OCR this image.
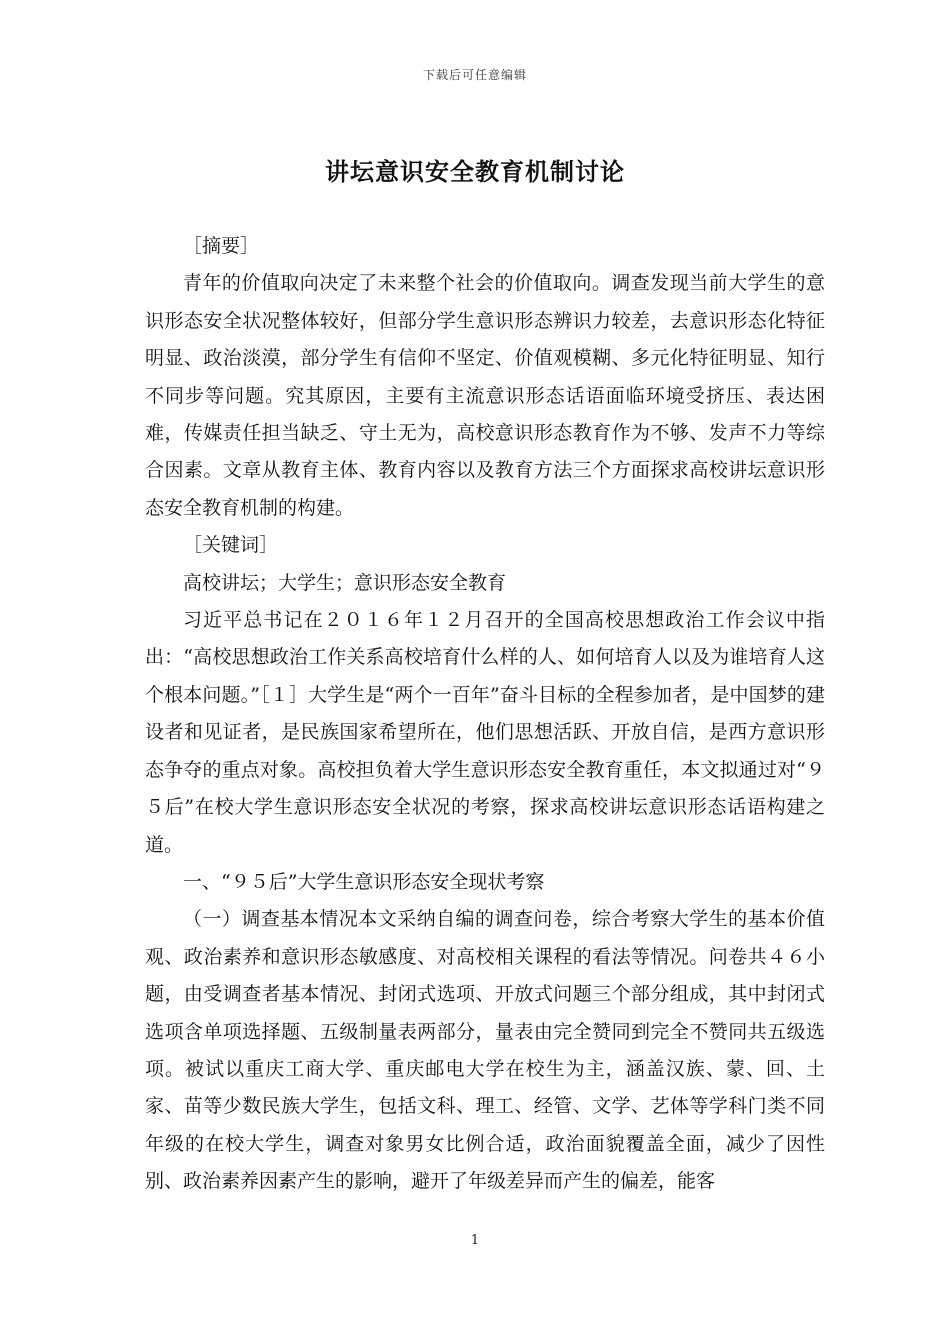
下载后可任意编辑
讲坛意识安全教育机制讨论

［摘要］

青年的价值取向决定了未来整个社会的价值取向。调查发现当前大学生的意识形态安全状况整体较好，但部分学生意识形态辨识力较差，去意识形态化特征明显、政治淡漠，部分学生有信仰不坚定、价值观模糊、多元化特征明显、知行不同步等问题。究其原因，主要有主流意识形态话语面临环境受挤压、表达困难，传媒责任担当缺乏、守土无为，高校意识形态教育作为不够、发声不力等综合因素。文章从教育主体、教育内容以及教育方法三个方面探求高校讲坛意识形态安全教育机制的构建。

［关键词］

高校讲坛；大学生；意识形态安全教育

习近平总书记在２０１６年１２月召开的全国高校思想政治工作会议中指出：“高校思想政治工作关系高校培育什么样的人、如何培育人以及为谁培育人这个根本问题。”［１］大学生是“两个一百年”奋斗目标的全程参加者，是中国梦的建设者和见证者，是民族国家希望所在，他们思想活跃、开放自信，是西方意识形态争夺的重点对象。高校担负着大学生意识形态安全教育重任，本文拟通过对“９５后”在校大学生意识形态安全状况的考察，探求高校讲坛意识形态话语构建之道。

一、“９５后”大学生意识形态安全现状考察

（一）调查基本情况本文采纳自编的调查问卷，综合考察大学生的基本价值观、政治素养和意识形态敏感度、对高校相关课程的看法等情况。问卷共４６小题，由受调查者基本情况、封闭式选项、开放式问题三个部分组成，其中封闭式选项含单项选择题、五级制量表两部分，量表由完全赞同到完全不赞同共五级选项。被试以重庆工商大学、重庆邮电大学在校生为主，涵盖汉族、蒙、回、土家、苗等少数民族大学生，包括文科、理工、经管、文学、艺体等学科门类不同年级的在校大学生，调查对象男女比例合适，政治面貌覆盖全面，减少了因性别、政治素养因素产生的影响，避开了年级差异而产生的偏差，能客

1
